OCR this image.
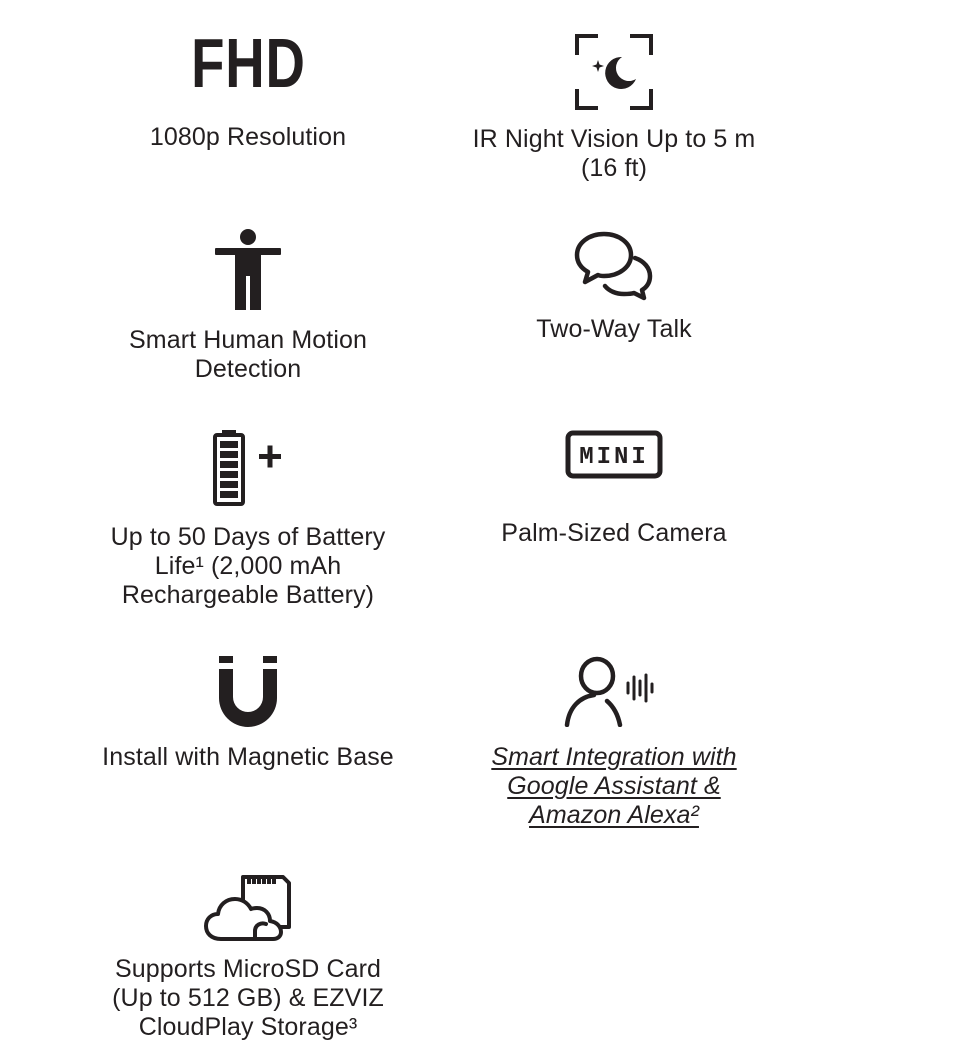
FHD
1080p Resolution	IR Night Vision Up to 5 m
(16 ft)
Smart Human Motion
Detection
Two-Way Talk
Up to 50 Days of Battery
Life¹ (2,000 mAh
Rechargeable Battery)
MINI
Palm-Sized Camera
Install with Magnetic Base	Smart Integration with
Google Assistant &
Amazon Alexa²
Supports MicroSD Card
(Up to 512 GB) & EZVIZ
CloudPlay Storage³
